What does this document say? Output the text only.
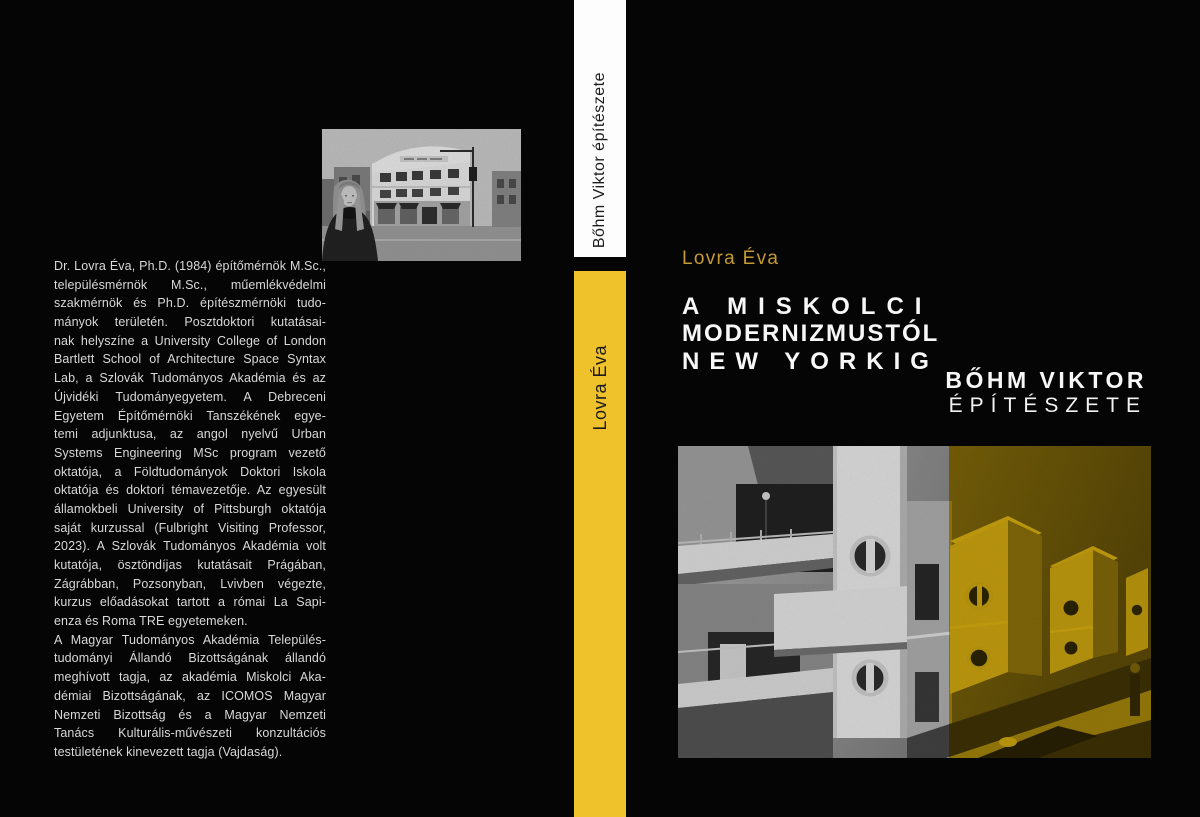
Dr. Lovra Éva, Ph.D. (1984) építőmérnök M.Sc.,
településmérnök M.Sc., műemlékvédelmi
szakmérnök és Ph.D. építészmérnöki tudo-
mányok területén. Posztdoktori kutatásai-
nak helyszíne a University College of London
Bartlett School of Architecture Space Syntax
Lab, a Szlovák Tudományos Akadémia és az
Újvidéki Tudományegyetem. A Debreceni
Egyetem Építőmérnöki Tanszékének egye-
temi adjunktusa, az angol nyelvű Urban
Systems Engineering MSc program vezető
oktatója, a Földtudományok Doktori Iskola
oktatója és doktori témavezetője. Az egyesült
államokbeli University of Pittsburgh oktatója
saját kurzussal (Fulbright Visiting Professor,
2023). A Szlovák Tudományos Akadémia volt
kutatója, ösztöndíjas kutatásait Prágában,
Zágrábban, Pozsonyban, Lvivben végezte,
kurzus előadásokat tartott a római La Sapi-
enza és Roma TRE egyetemeken.
A Magyar Tudományos Akadémia Település-
tudományi Állandó Bizottságának állandó
meghívott tagja, az akadémia Miskolci Aka-
démiai Bizottságának, az ICOMOS Magyar
Nemzeti Bizottság és a Magyar Nemzeti
Tanács Kulturális-művészeti konzultációs
testületének kinevezett tagja (Vajdaság).
Bőhm Viktor építészete
Lovra Éva
Lovra Éva
A MISKOLCI
MODERNIZMUSTÓL
NEW YORKIG
BŐHM VIKTOR
ÉPÍTÉSZETE
